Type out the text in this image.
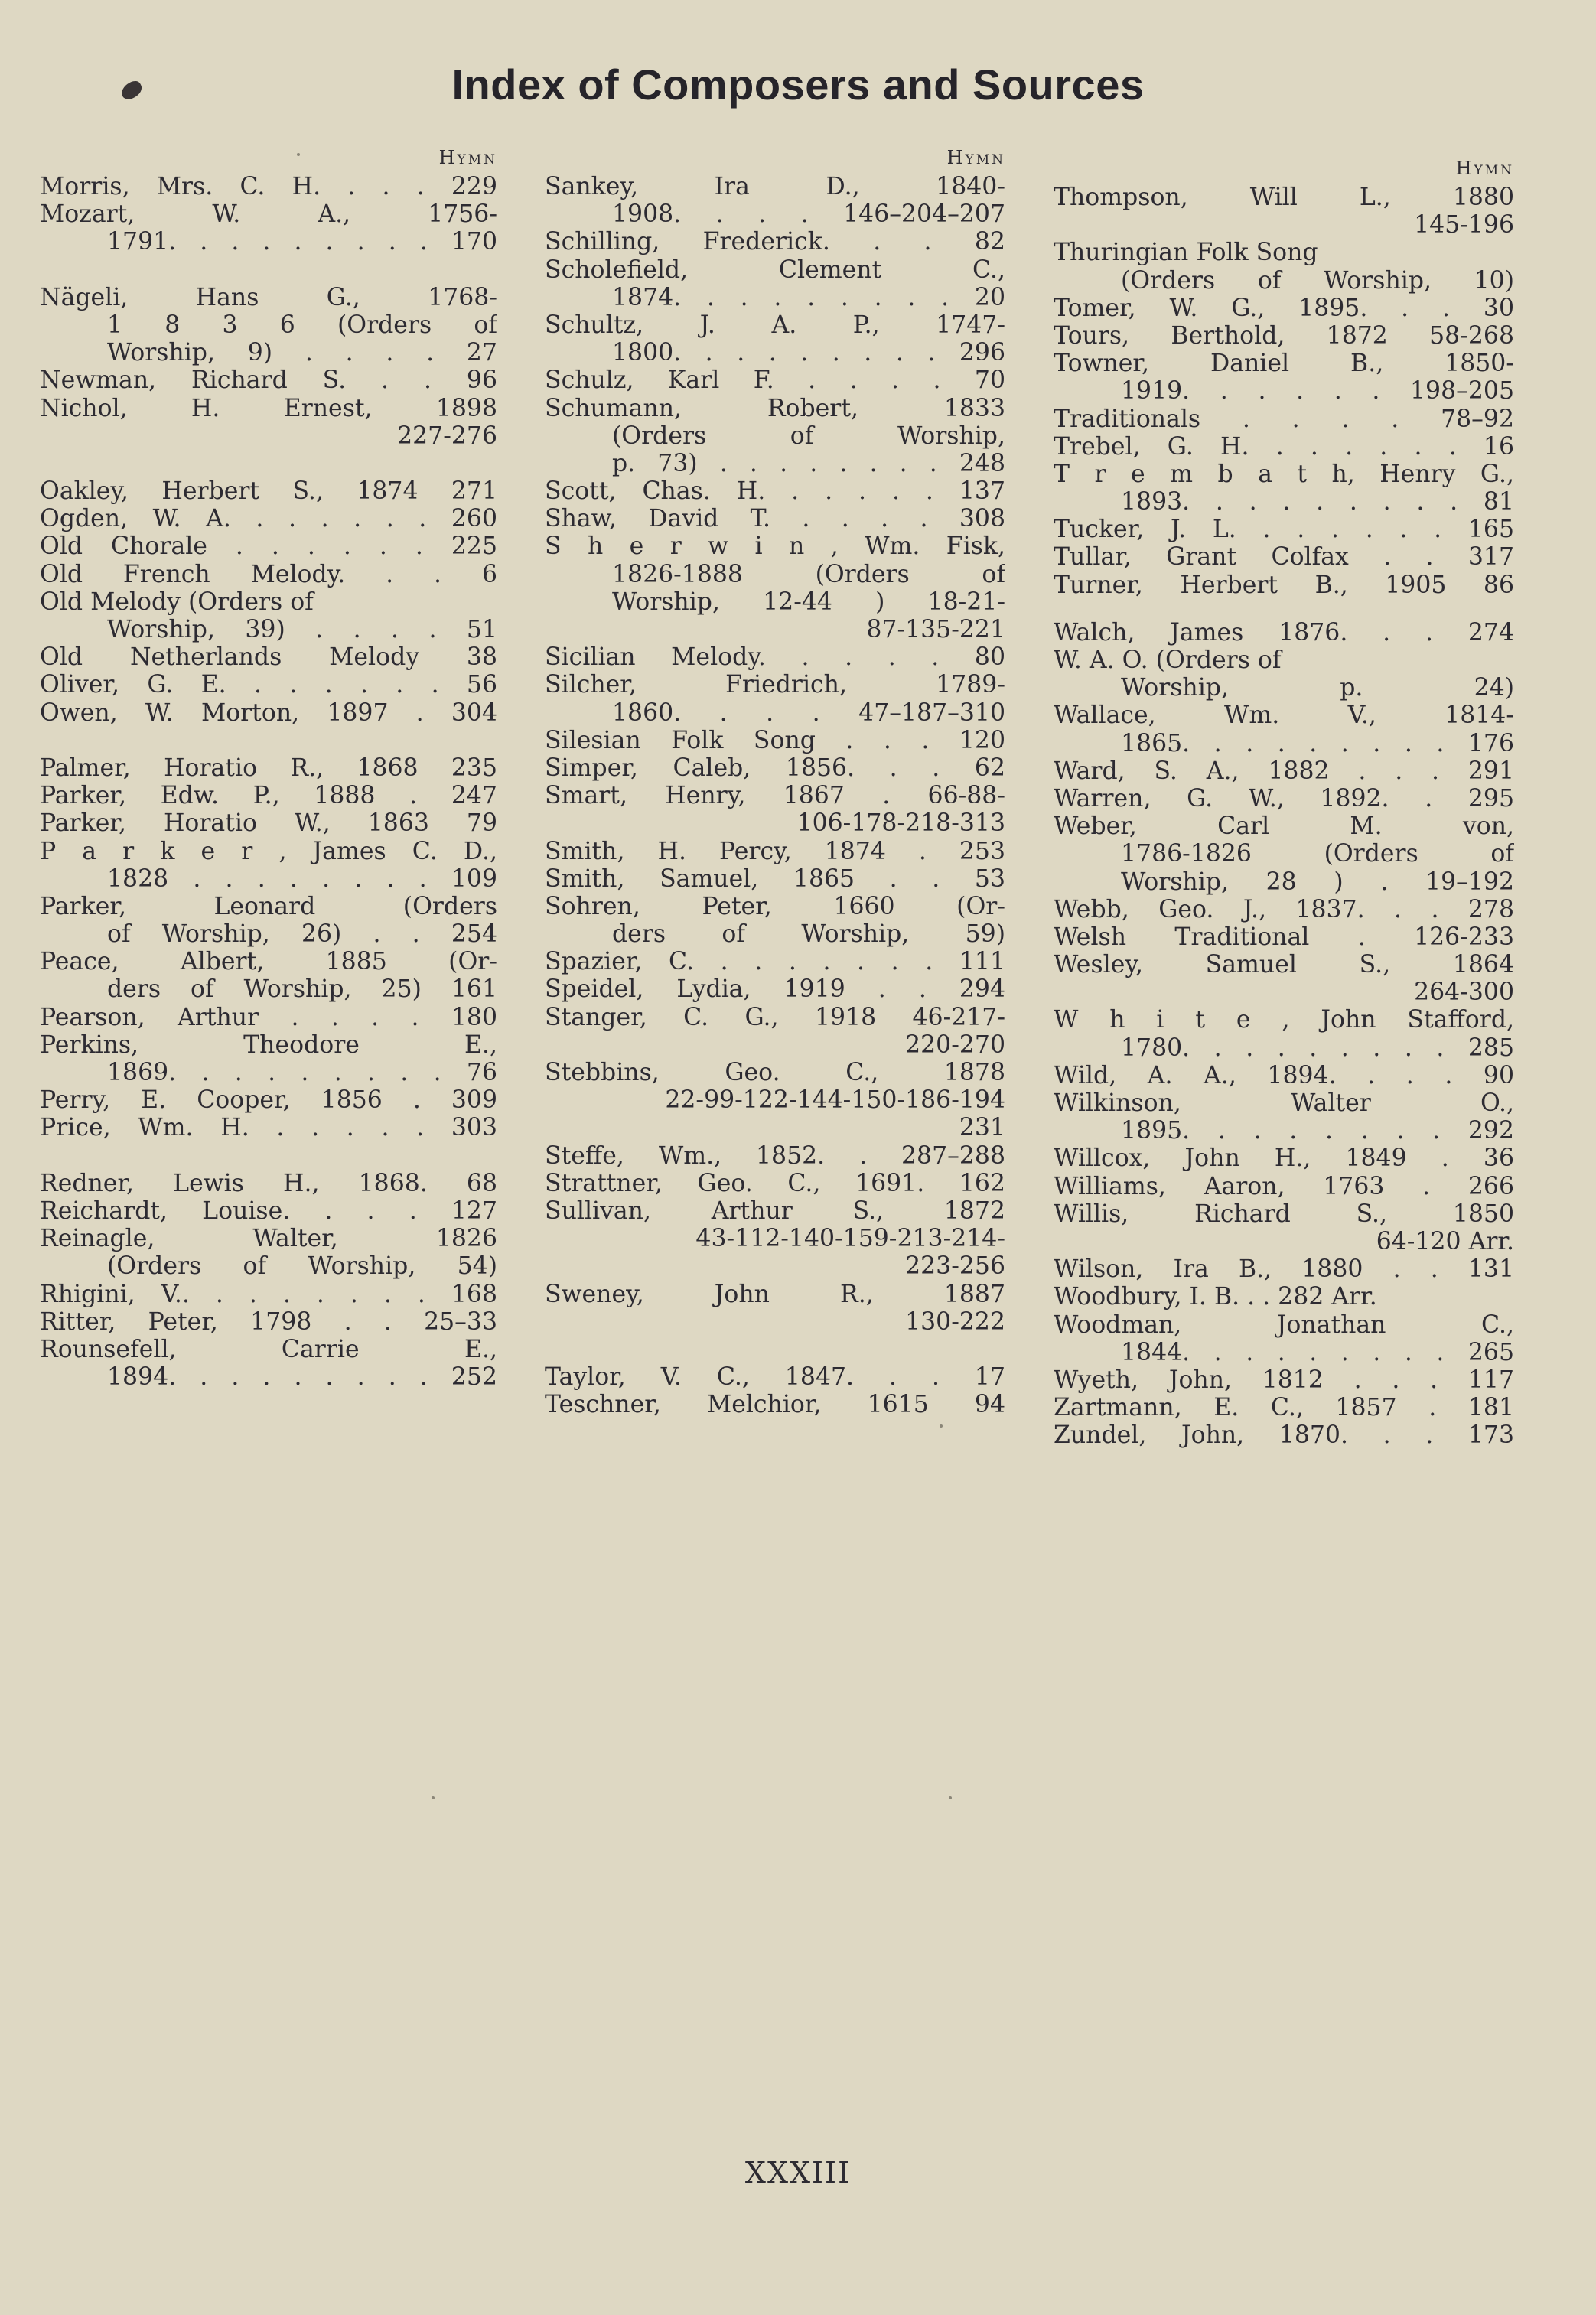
Index of Composers and Sources
Hymn
Morris, Mrs. C. H. . . . 229
Mozart, W. A., 1756-
1791. . . . . . . . . 170
Nägeli, Hans G., 1768-
1 8 3 6 (Orders of
Worship, 9) . . . . 27
Newman, Richard S. . . 96
Nichol, H. Ernest, 1898
227-276
Oakley, Herbert S., 1874 271
Ogden, W. A. . . . . . . 260
Old Chorale . . . . . . 225
Old French Melody. . . 6
Old Melody (Orders of
Worship, 39) . . . . 51
Old Netherlands Melody 38
Oliver, G. E. . . . . . . 56
Owen, W. Morton, 1897 . 304
Palmer, Horatio R., 1868 235
Parker, Edw. P., 1888 . 247
Parker, Horatio W., 1863 79
P a r k e r , James C. D.,
1828 . . . . . . . . 109
Parker, Leonard (Orders
of Worship, 26) . . 254
Peace, Albert, 1885 (Or-
ders of Worship, 25) 161
Pearson, Arthur . . . . 180
Perkins, Theodore E.,
1869. . . . . . . . . 76
Perry, E. Cooper, 1856 . 309
Price, Wm. H. . . . . . 303
Redner, Lewis H., 1868. 68
Reichardt, Louise. . . . 127
Reinagle, Walter, 1826
(Orders of Worship, 54)
Rhigini, V.. . . . . . . . 168
Ritter, Peter, 1798 . . 25–33
Rounsefell, Carrie E.,
1894. . . . . . . . . 252
Hymn
Sankey, Ira D., 1840-
1908. . . . 146–204–207
Schilling, Frederick. . . 82
Scholefield, Clement C.,
1874. . . . . . . . . 20
Schultz, J. A. P., 1747-
1800. . . . . . . . . 296
Schulz, Karl F. . . . . 70
Schumann, Robert, 1833
(Orders of Worship,
p. 73) . . . . . . . . 248
Scott, Chas. H. . . . . . 137
Shaw, David T. . . . . 308
S h e r w i n , Wm. Fisk,
1826-1888 (Orders of
Worship, 12-44 ) 18-21-
87-135-221
Sicilian Melody. . . . . 80
Silcher, Friedrich, 1789-
1860. . . . 47–187–310
Silesian Folk Song . . . 120
Simper, Caleb, 1856. . . 62
Smart, Henry, 1867 . 66-88-
106-178-218-313
Smith, H. Percy, 1874 . 253
Smith, Samuel, 1865 . . 53
Sohren, Peter, 1660 (Or-
ders of Worship, 59)
Spazier, C. . . . . . . . 111
Speidel, Lydia, 1919 . . 294
Stanger, C. G., 1918 46-217-
220-270
Stebbins, Geo. C., 1878
22-99-122-144-150-186-194
231
Steffe, Wm., 1852. . 287–288
Strattner, Geo. C., 1691. 162
Sullivan, Arthur S., 1872
43-112-140-159-213-214-
223-256
Sweney, John R., 1887
130-222
Taylor, V. C., 1847. . . 17
Teschner, Melchior, 1615 94
Hymn
Thompson, Will L., 1880
145-196
Thuringian Folk Song
(Orders of Worship, 10)
Tomer, W. G., 1895. . . 30
Tours, Berthold, 1872 58-268
Towner, Daniel B., 1850-
1919. . . . . . 198–205
Traditionals . . . . 78–92
Trebel, G. H. . . . . . . 16
T r e m b a t h, Henry G.,
1893. . . . . . . . . 81
Tucker, J. L. . . . . . . 165
Tullar, Grant Colfax . . 317
Turner, Herbert B., 1905 86
Walch, James 1876. . . 274
W. A. O. (Orders of
Worship, p. 24)
Wallace, Wm. V., 1814-
1865. . . . . . . . . 176
Ward, S. A., 1882 . . . 291
Warren, G. W., 1892. . 295
Weber, Carl M. von,
1786-1826 (Orders of
Worship, 28 ) . 19–192
Webb, Geo. J., 1837. . . 278
Welsh Traditional . 126-233
Wesley, Samuel S., 1864
264-300
W h i t e , John Stafford,
1780. . . . . . . . . 285
Wild, A. A., 1894. . . . 90
Wilkinson, Walter O.,
1895. . . . . . . . 292
Willcox, John H., 1849 . 36
Williams, Aaron, 1763 . 266
Willis, Richard S., 1850
64-120 Arr.
Wilson, Ira B., 1880 . . 131
Woodbury, I. B. . . 282 Arr.
Woodman, Jonathan C.,
1844. . . . . . . . . 265
Wyeth, John, 1812 . . . 117
Zartmann, E. C., 1857 . 181
Zundel, John, 1870. . . 173
XXXIII
